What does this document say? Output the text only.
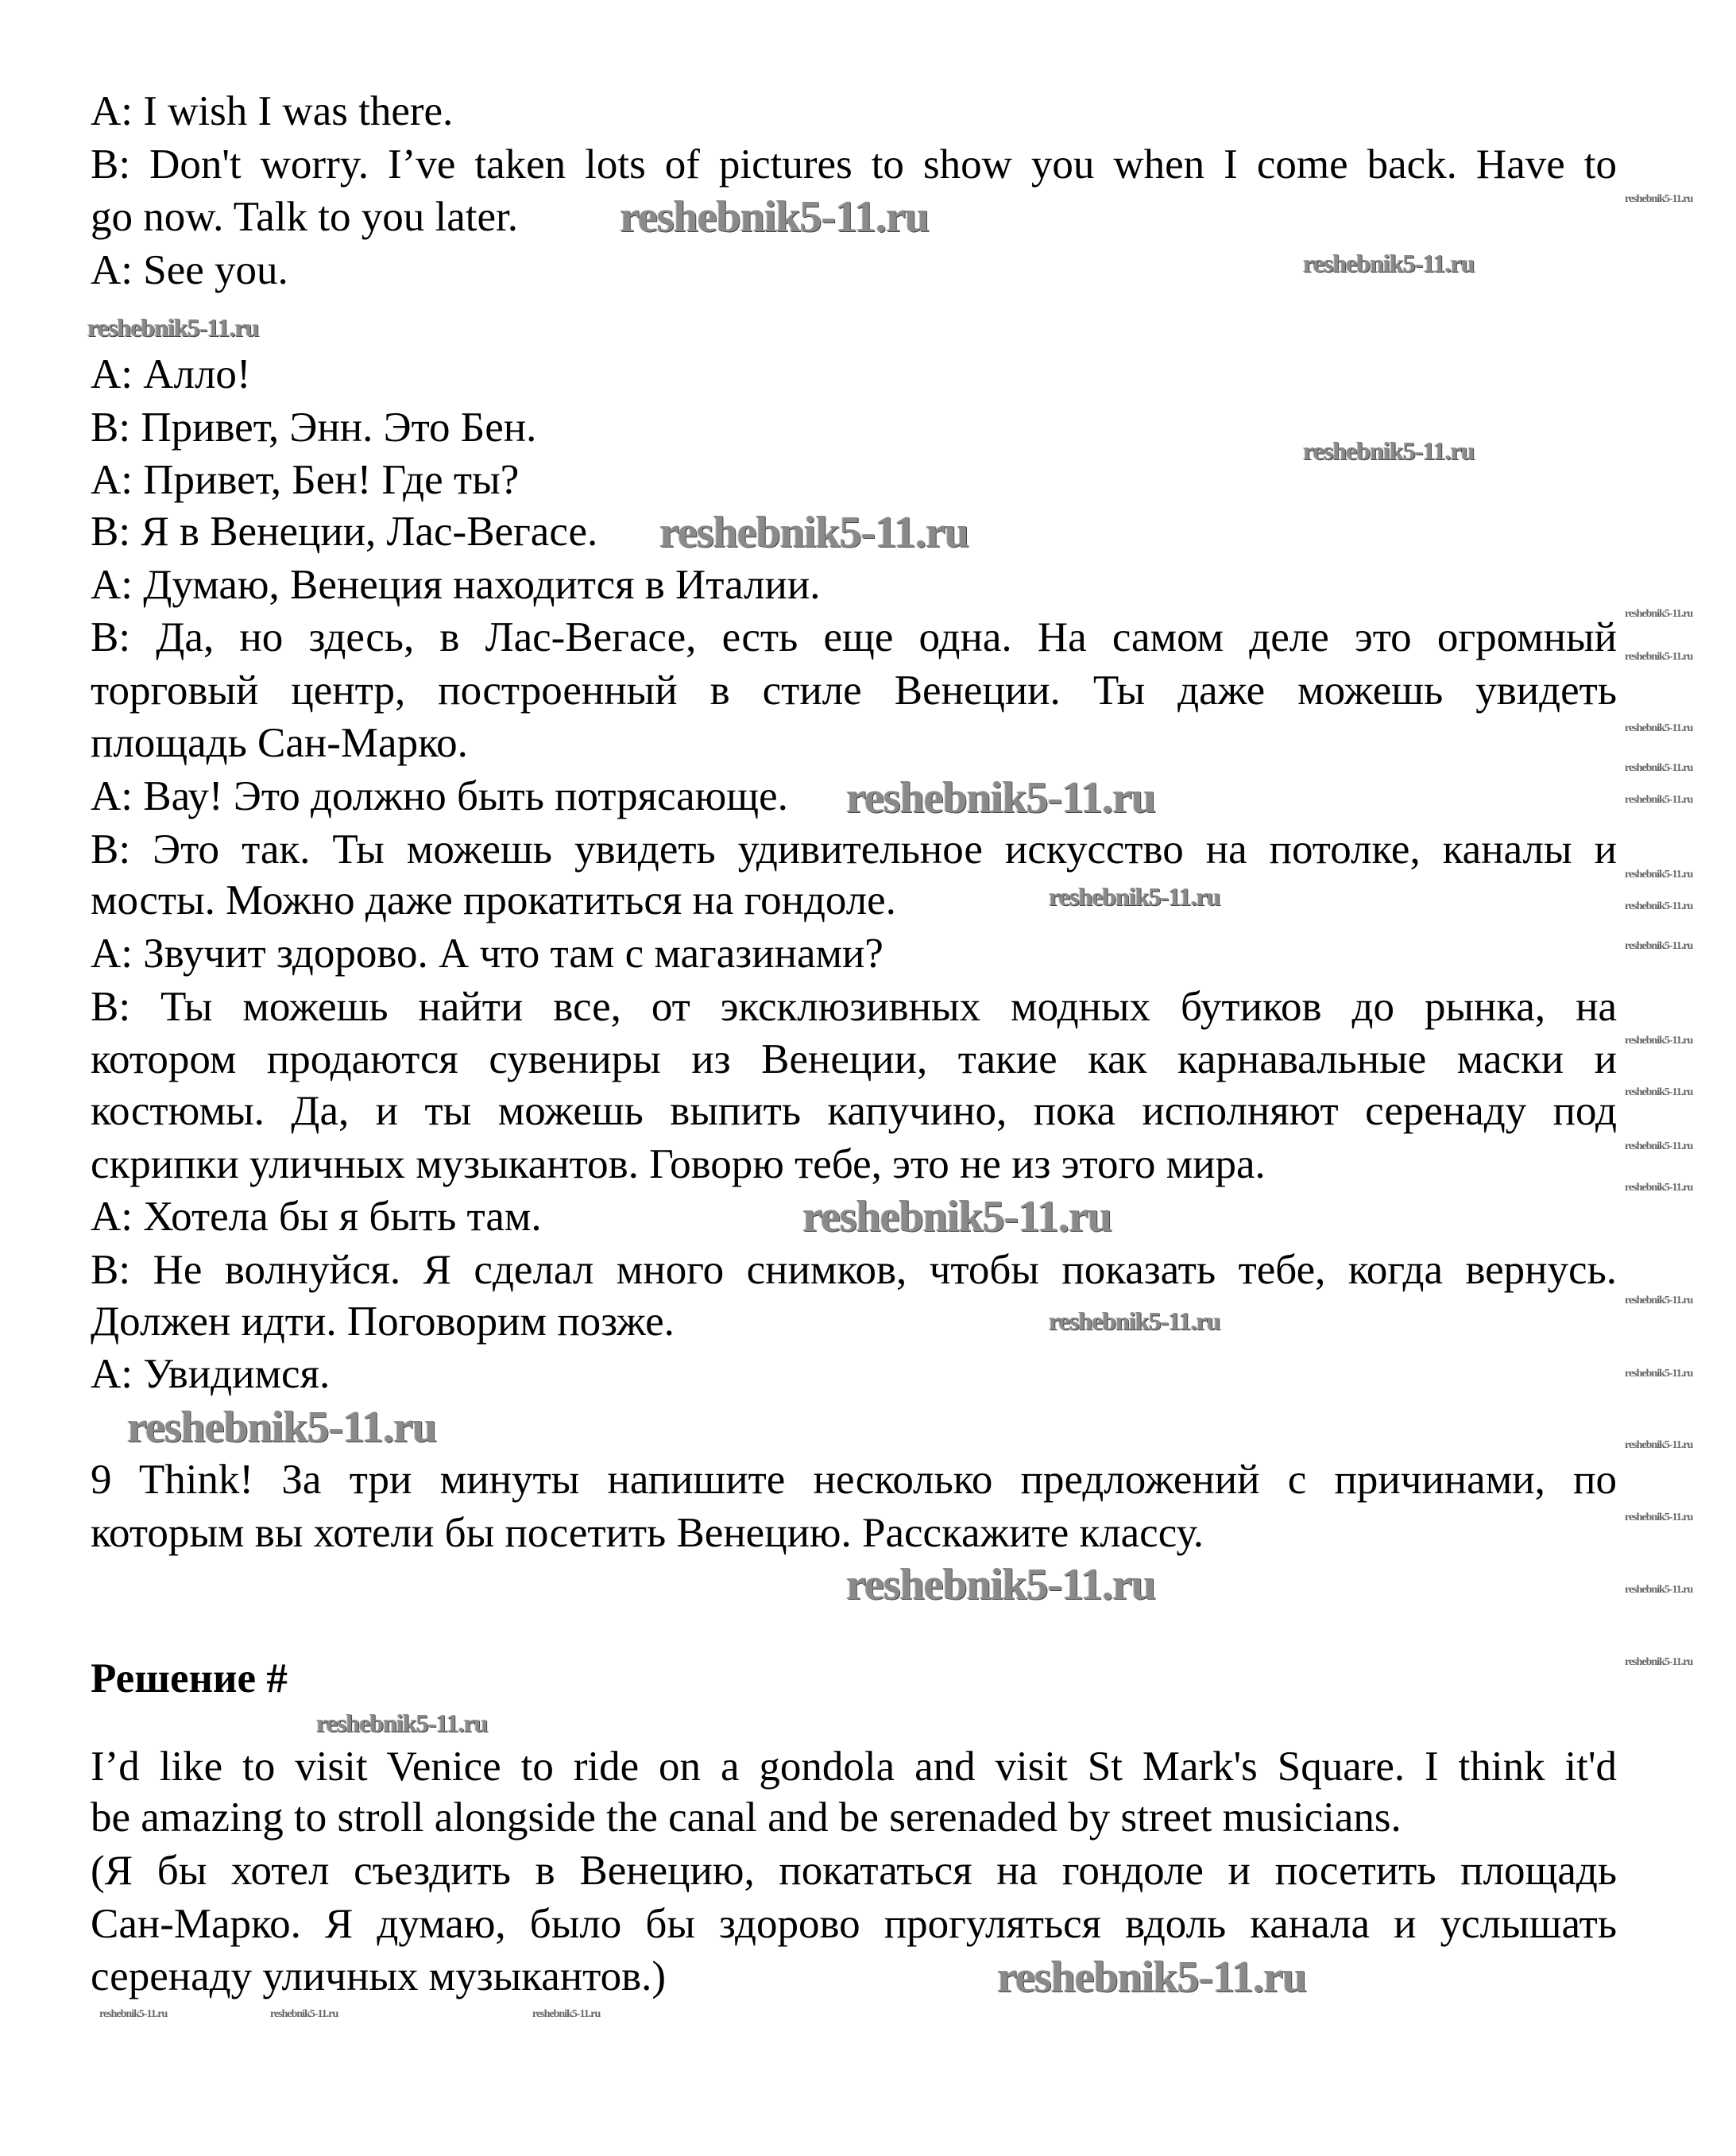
A: I wish I was there.
B: Don't worry. I’ve taken lots of pictures to show you when I come back. Have to
go now. Talk to you later.
A: See you.
А: Алло!
В: Привет, Энн. Это Бен.
А: Привет, Бен! Где ты?
В: Я в Венеции, Лас-Вегасе.
А: Думаю, Венеция находится в Италии.
В: Да, но здесь, в Лас-Вегасе, есть еще одна. На самом деле это огромный
торговый центр, построенный в стиле Венеции. Ты даже можешь увидеть
площадь Сан-Марко.
А: Вау! Это должно быть потрясающе.
В: Это так. Ты можешь увидеть удивительное искусство на потолке, каналы и
мосты. Можно даже прокатиться на гондоле.
А: Звучит здорово. А что там с магазинами?
В: Ты можешь найти все, от эксклюзивных модных бутиков до рынка, на
котором продаются сувениры из Венеции, такие как карнавальные маски и
костюмы. Да, и ты можешь выпить капучино, пока исполняют серенаду под
скрипки уличных музыкантов. Говорю тебе, это не из этого мира.
А: Хотела бы я быть там.
В: Не волнуйся. Я сделал много снимков, чтобы показать тебе, когда вернусь.
Должен идти. Поговорим позже.
А: Увидимся.
9 Think! За три минуты напишите несколько предложений с причинами, по
которым вы хотели бы посетить Венецию. Расскажите классу.
Решение #
I’d like to visit Venice to ride on a gondola and visit St Mark's Square. I think it'd
be amazing to stroll alongside the canal and be serenaded by street musicians.
(Я бы хотел съездить в Венецию, покататься на гондоле и посетить площадь
Сан-Марко. Я думаю, было бы здорово прогуляться вдоль канала и услышать
серенаду уличных музыкантов.)
reshebnik5-11.ru
reshebnik5-11.ru
reshebnik5-11.ru
reshebnik5-11.ru
reshebnik5-11.ru
reshebnik5-11.ru
reshebnik5-11.ru
reshebnik5-11.ru
reshebnik5-11.ru
reshebnik5-11.ru	reshebnik5-11.ru
reshebnik5-11.ru
reshebnik5-11.ru
reshebnik5-11.ru
reshebnik5-11.ru
reshebnik5-11.ru
reshebnik5-11.ru
reshebnik5-11.ru
reshebnik5-11.ru
reshebnik5-11.ru
reshebnik5-11.ru
reshebnik5-11.ru
reshebnik5-11.ru
reshebnik5-11.ru
reshebnik5-11.ru	reshebnik5-11.ru
reshebnik5-11.ru
reshebnik5-11.ru	reshebnik5-11.ru
reshebnik5-11.ru
reshebnik5-11.ru
reshebnik5-11.ru	reshebnik5-11.ru	reshebnik5-11.ru
reshebnik5-11.ru
